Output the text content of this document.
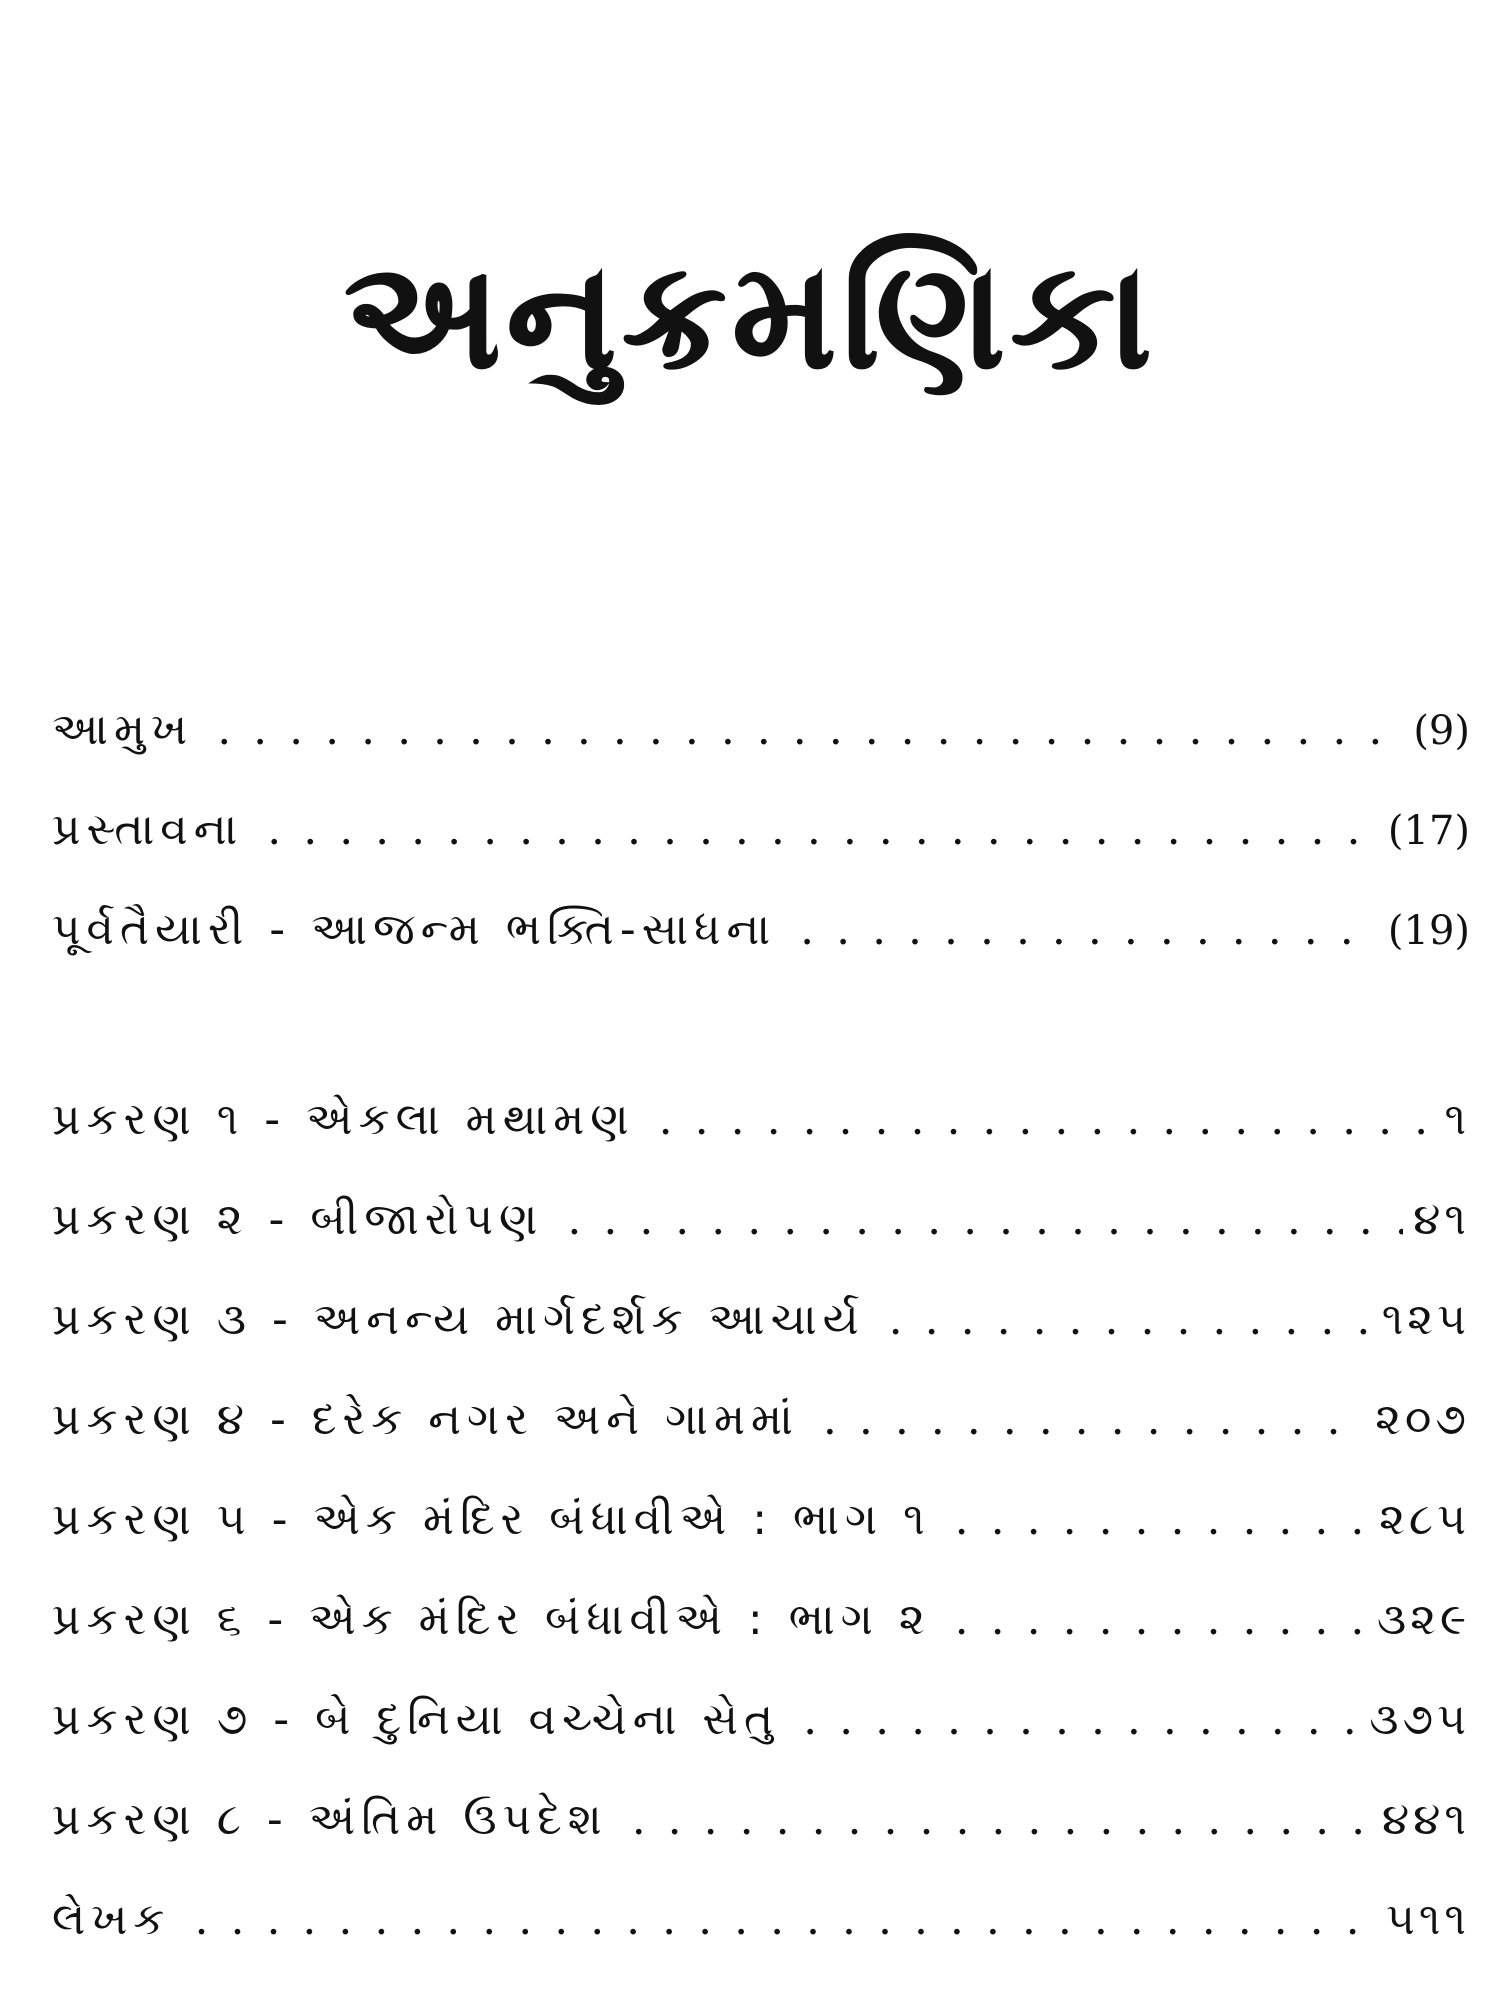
અનુક્રમણિકા
આમુખ . . .	(9)
પ્રસ્તાવના . . .	(17)
પૂર્વતૈયારી - આજન્મ ભક્તિ-સાધના . . .	(19)
પ્રકરણ ૧ - એકલા મથામણ . . .	૧
પ્રકરણ ૨ - બીજારોપણ . . .	૪૧
પ્રકરણ ૩ - અનન્ય માર્ગદર્શક આચાર્ય . . .	૧૨૫
પ્રકરણ ૪ - દરેક નગર અને ગામમાં . . .	૨૦૭
પ્રકરણ ૫ - એક મંદિર બંધાવીએ : ભાગ ૧ . . .	૨૮૫
પ્રકરણ ૬ - એક મંદિર બંધાવીએ : ભાગ ૨ . . .	૩૨૯
પ્રકરણ ૭ - બે દુનિયા વચ્ચેના સેતુ . . .	૩૭૫
પ્રકરણ ૮ - અંતિમ ઉપદેશ . . .	૪૪૧
લેખક . . .	૫૧૧
